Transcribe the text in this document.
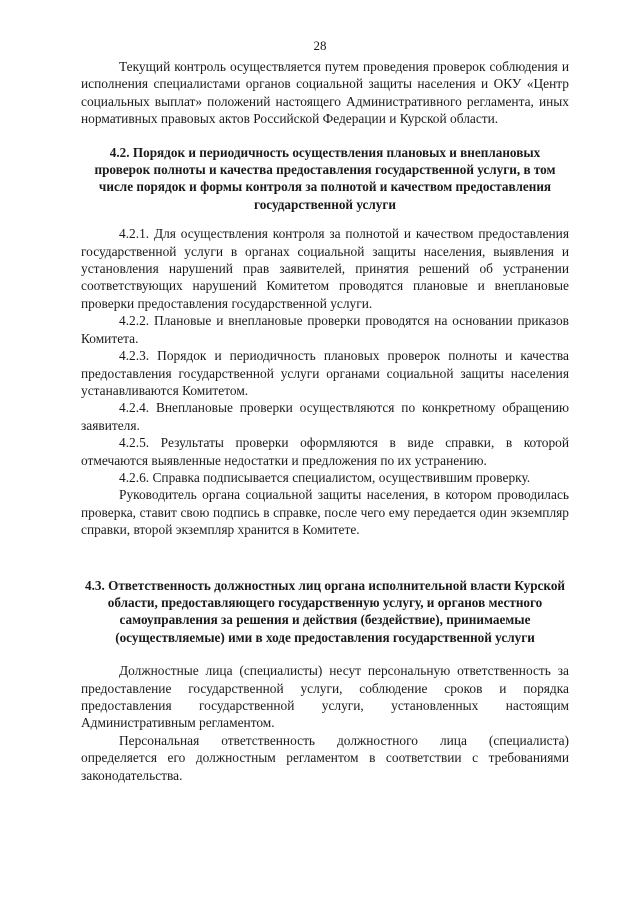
28

Текущий контроль осуществляется путем проведения проверок соблюдения и исполнения специалистами органов социальной защиты населения и ОКУ «Центр социальных выплат» положений настоящего Административного регламента, иных нормативных правовых актов Российской Федерации и Курской области.

4.2. Порядок и периодичность осуществления плановых и внеплановых проверок полноты и качества предоставления государственной услуги, в том числе порядок и формы контроля за полнотой и качеством предоставления государственной услуги

4.2.1. Для осуществления контроля за полнотой и качеством предоставления государственной услуги в органах социальной защиты населения, выявления и установления нарушений прав заявителей, принятия решений об устранении соответствующих нарушений Комитетом проводятся плановые и внеплановые проверки предоставления государственной услуги.

4.2.2. Плановые и внеплановые проверки проводятся на основании приказов Комитета.

4.2.3. Порядок и периодичность плановых проверок полноты и качества предоставления государственной услуги органами социальной защиты населения устанавливаются Комитетом.

4.2.4. Внеплановые проверки осуществляются по конкретному обращению заявителя.

4.2.5. Результаты проверки оформляются в виде справки, в которой отмечаются выявленные недостатки и предложения по их устранению.

4.2.6. Справка подписывается специалистом, осуществившим проверку.

Руководитель органа социальной защиты населения, в котором проводилась проверка, ставит свою подпись в справке, после чего ему передается один экземпляр справки, второй экземпляр хранится в Комитете.

4.3. Ответственность должностных лиц органа исполнительной власти Курской области, предоставляющего государственную услугу, и органов местного самоуправления за решения и действия (бездействие), принимаемые (осуществляемые) ими в ходе предоставления государственной услуги

Должностные лица (специалисты) несут персональную ответственность за предоставление государственной услуги, соблюдение сроков и порядка предоставления государственной услуги, установленных настоящим Административным регламентом.

Персональная ответственность должностного лица (специалиста) определяется его должностным регламентом в соответствии с требованиями законодательства.
